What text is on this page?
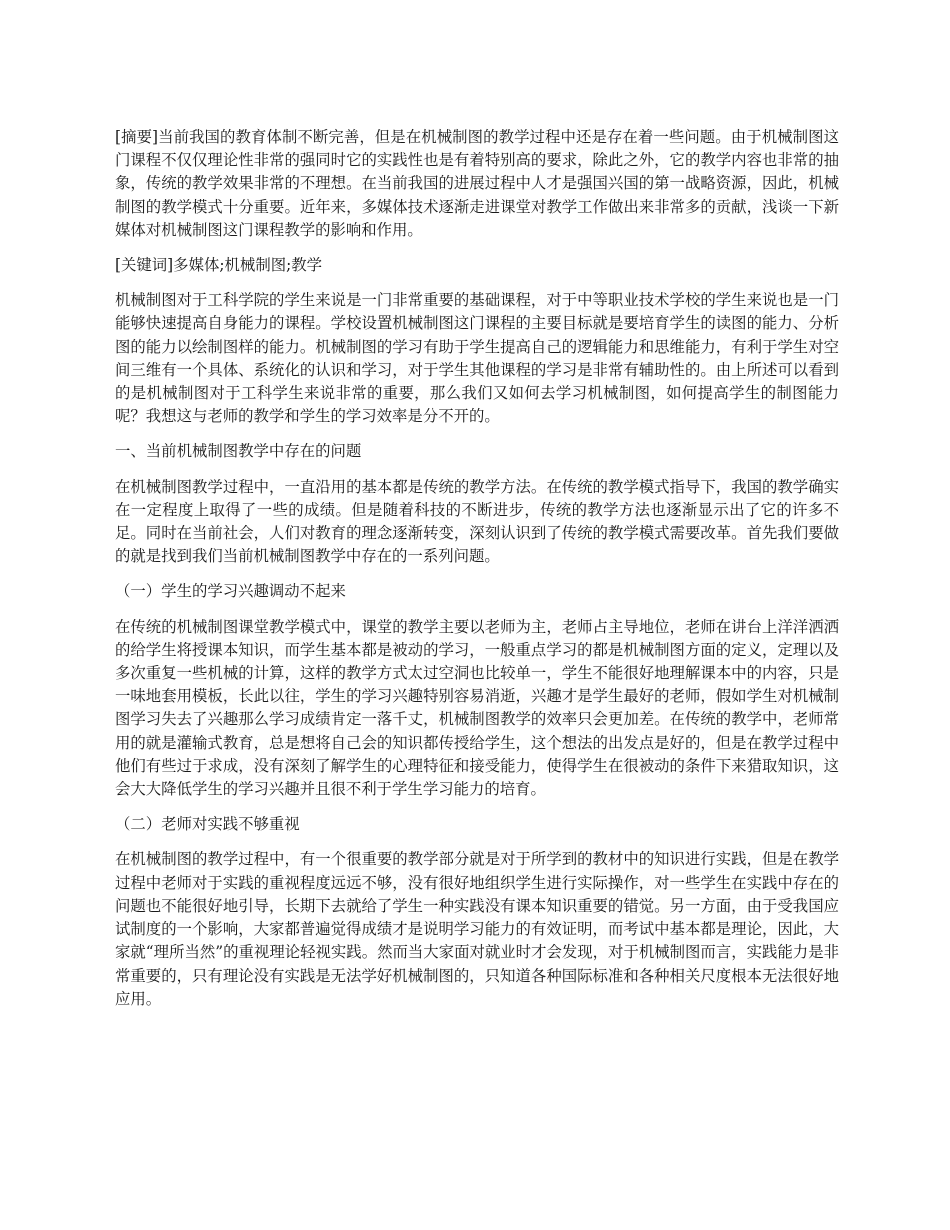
[摘要]当前我国的教育体制不断完善，但是在机械制图的教学过程中还是存在着一些问题。由于机械制图这门课程不仅仅理论性非常的强同时它的实践性也是有着特别高的要求，除此之外，它的教学内容也非常的抽象，传统的教学效果非常的不理想。在当前我国的进展过程中人才是强国兴国的第一战略资源，因此，机械制图的教学模式十分重要。近年来，多媒体技术逐渐走进课堂对教学工作做出来非常多的贡献，浅谈一下新媒体对机械制图这门课程教学的影响和作用。

[关键词]多媒体;机械制图;教学

机械制图对于工科学院的学生来说是一门非常重要的基础课程，对于中等职业技术学校的学生来说也是一门能够快速提高自身能力的课程。学校设置机械制图这门课程的主要目标就是要培育学生的读图的能力、分析图的能力以绘制图样的能力。机械制图的学习有助于学生提高自己的逻辑能力和思维能力，有利于学生对空间三维有一个具体、系统化的认识和学习，对于学生其他课程的学习是非常有辅助性的。由上所述可以看到的是机械制图对于工科学生来说非常的重要，那么我们又如何去学习机械制图，如何提高学生的制图能力呢？我想这与老师的教学和学生的学习效率是分不开的。

一、当前机械制图教学中存在的问题

在机械制图教学过程中，一直沿用的基本都是传统的教学方法。在传统的教学模式指导下，我国的教学确实在一定程度上取得了一些的成绩。但是随着科技的不断进步，传统的教学方法也逐渐显示出了它的许多不足。同时在当前社会，人们对教育的理念逐渐转变，深刻认识到了传统的教学模式需要改革。首先我们要做的就是找到我们当前机械制图教学中存在的一系列问题。

（一）学生的学习兴趣调动不起来

在传统的机械制图课堂教学模式中，课堂的教学主要以老师为主，老师占主导地位，老师在讲台上洋洋洒洒的给学生将授课本知识，而学生基本都是被动的学习，一般重点学习的都是机械制图方面的定义，定理以及多次重复一些机械的计算，这样的教学方式太过空洞也比较单一，学生不能很好地理解课本中的内容，只是一味地套用模板，长此以往，学生的学习兴趣特别容易消逝，兴趣才是学生最好的老师，假如学生对机械制图学习失去了兴趣那么学习成绩肯定一落千丈，机械制图教学的效率只会更加差。在传统的教学中，老师常用的就是灌输式教育，总是想将自己会的知识都传授给学生，这个想法的出发点是好的，但是在教学过程中他们有些过于求成，没有深刻了解学生的心理特征和接受能力，使得学生在很被动的条件下来猎取知识，这会大大降低学生的学习兴趣并且很不利于学生学习能力的培育。

（二）老师对实践不够重视

在机械制图的教学过程中，有一个很重要的教学部分就是对于所学到的教材中的知识进行实践，但是在教学过程中老师对于实践的重视程度远远不够，没有很好地组织学生进行实际操作，对一些学生在实践中存在的问题也不能很好地引导，长期下去就给了学生一种实践没有课本知识重要的错觉。另一方面，由于受我国应试制度的一个影响，大家都普遍觉得成绩才是说明学习能力的有效证明，而考试中基本都是理论，因此，大家就“理所当然”的重视理论轻视实践。然而当大家面对就业时才会发现，对于机械制图而言，实践能力是非常重要的，只有理论没有实践是无法学好机械制图的，只知道各种国际标准和各种相关尺度根本无法很好地应用。
